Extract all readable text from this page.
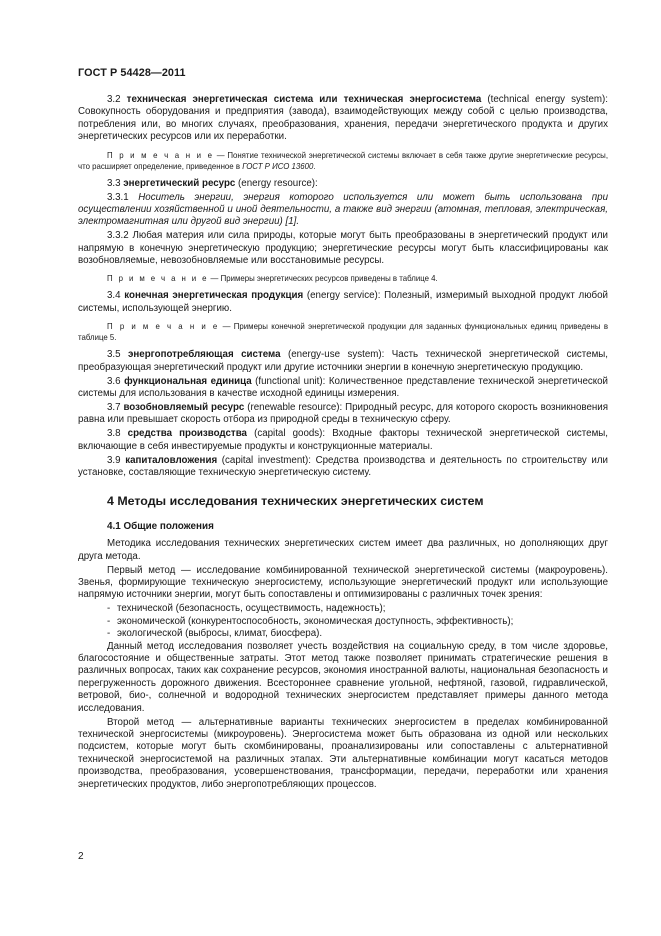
ГОСТ Р 54428—2011

3.2 техническая энергетическая система или техническая энергосистема (technical energy system): Совокупность оборудования и предприятия (завода), взаимодействующих между собой с целью производства, потребления или, во многих случаях, преобразования, хранения, передачи энергетического продукта и других энергетических ресурсов или их переработки.

П р и м е ч а н и е — Понятие технической энергетической системы включает в себя также другие энергетические ресурсы, что расширяет определение, приведенное в ГОСТ Р ИСО 13600.

3.3 энергетический ресурс (energy resource):

3.3.1 Носитель энергии, энергия которого используется или может быть использована при осуществлении хозяйственной и иной деятельности, а также вид энергии (атомная, тепловая, электрическая, электромагнитная или другой вид энергии) [1].

3.3.2 Любая материя или сила природы, которые могут быть преобразованы в энергетический продукт или напрямую в конечную энергетическую продукцию; энергетические ресурсы могут быть классифицированы как возобновляемые, невозобновляемые или восстановимые ресурсы.

П р и м е ч а н и е — Примеры энергетических ресурсов приведены в таблице 4.

3.4 конечная энергетическая продукция (energy service): Полезный, измеримый выходной продукт любой системы, использующей энергию.

П р и м е ч а н и е — Примеры конечной энергетической продукции для заданных функциональных единиц приведены в таблице 5.

3.5 энергопотребляющая система (energy-use system): Часть технической энергетической системы, преобразующая энергетический продукт или другие источники энергии в конечную энергетическую продукцию.

3.6 функциональная единица (functional unit): Количественное представление технической энергетической системы для использования в качестве исходной единицы измерения.

3.7 возобновляемый ресурс (renewable resource): Природный ресурс, для которого скорость возникновения равна или превышает скорость отбора из природной среды в техническую сферу.

3.8 средства производства (capital goods): Входные факторы технической энергетической системы, включающие в себя инвестируемые продукты и конструкционные материалы.

3.9 капиталовложения (capital investment): Средства производства и деятельность по строительству или установке, составляющие техническую энергетическую систему.

4 Методы исследования технических энергетических систем
4.1 Общие положения

Методика исследования технических энергетических систем имеет два различных, но дополняющих друг друга метода.

Первый метод — исследование комбинированной технической энергетической системы (макроуровень). Звенья, формирующие техническую энергосистему, использующие энергетический продукт или использующие напрямую источники энергии, могут быть сопоставлены и оптимизированы с различных точек зрения:

- технической (безопасность, осуществимость, надежность);

- экономической (конкурентоспособность, экономическая доступность, эффективность);

- экологической (выбросы, климат, биосфера).

Данный метод исследования позволяет учесть воздействия на социальную среду, в том числе здоровье, благосостояние и общественные затраты. Этот метод также позволяет принимать стратегические решения в различных вопросах, таких как сохранение ресурсов, экономия иностранной валюты, национальная безопасность и перегруженность дорожного движения. Всестороннее сравнение угольной, нефтяной, газовой, гидравлической, ветровой, био-, солнечной и водородной технических энергосистем представляет примеры данного метода исследования.

Второй метод — альтернативные варианты технических энергосистем в пределах комбинированной технической энергосистемы (микроуровень). Энергосистема может быть образована из одной или нескольких подсистем, которые могут быть скомбинированы, проанализированы или сопоставлены с альтернативной технической энергосистемой на различных этапах. Эти альтернативные комбинации могут касаться методов производства, преобразования, усовершенствования, трансформации, передачи, переработки или хранения энергетических продуктов, либо энергопотребляющих процессов.

2
